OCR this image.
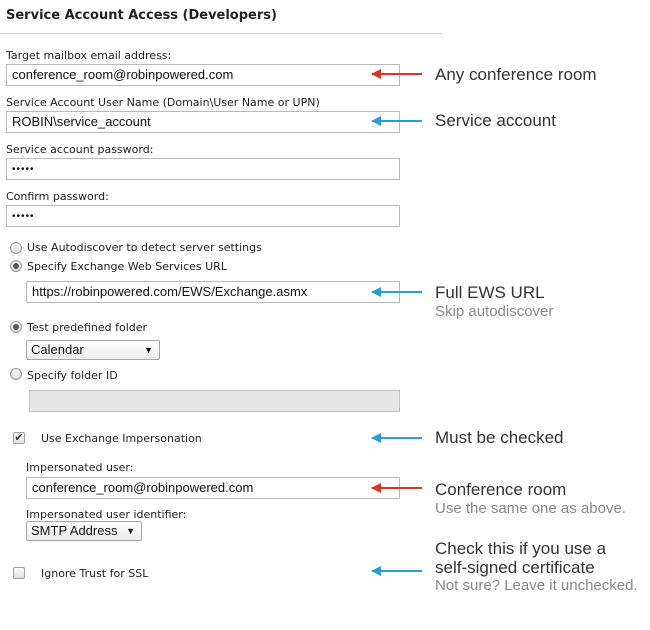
Service Account Access (Developers)
Target mailbox email address:
conference_room@robinpowered.com
Service Account User Name (Domain\User Name or UPN)
ROBIN\service_account
Service account password:
•••••
Confirm password:
•••••
Use Autodiscover to detect server settings
Specify Exchange Web Services URL
https://robinpowered.com/EWS/Exchange.asmx
Test predefined folder
Calendar	▼
Specify folder ID
✔ Use Exchange Impersonation
Impersonated user:
conference_room@robinpowered.com
Impersonated user identifier:
SMTP Address ▼
Ignore Trust for SSL
Any conference room
Service account
Full EWS URL
Skip autodiscover
Must be checked
Conference room
Use the same one as above.
Check this if you use a
self-signed certificate
Not sure? Leave it unchecked.
